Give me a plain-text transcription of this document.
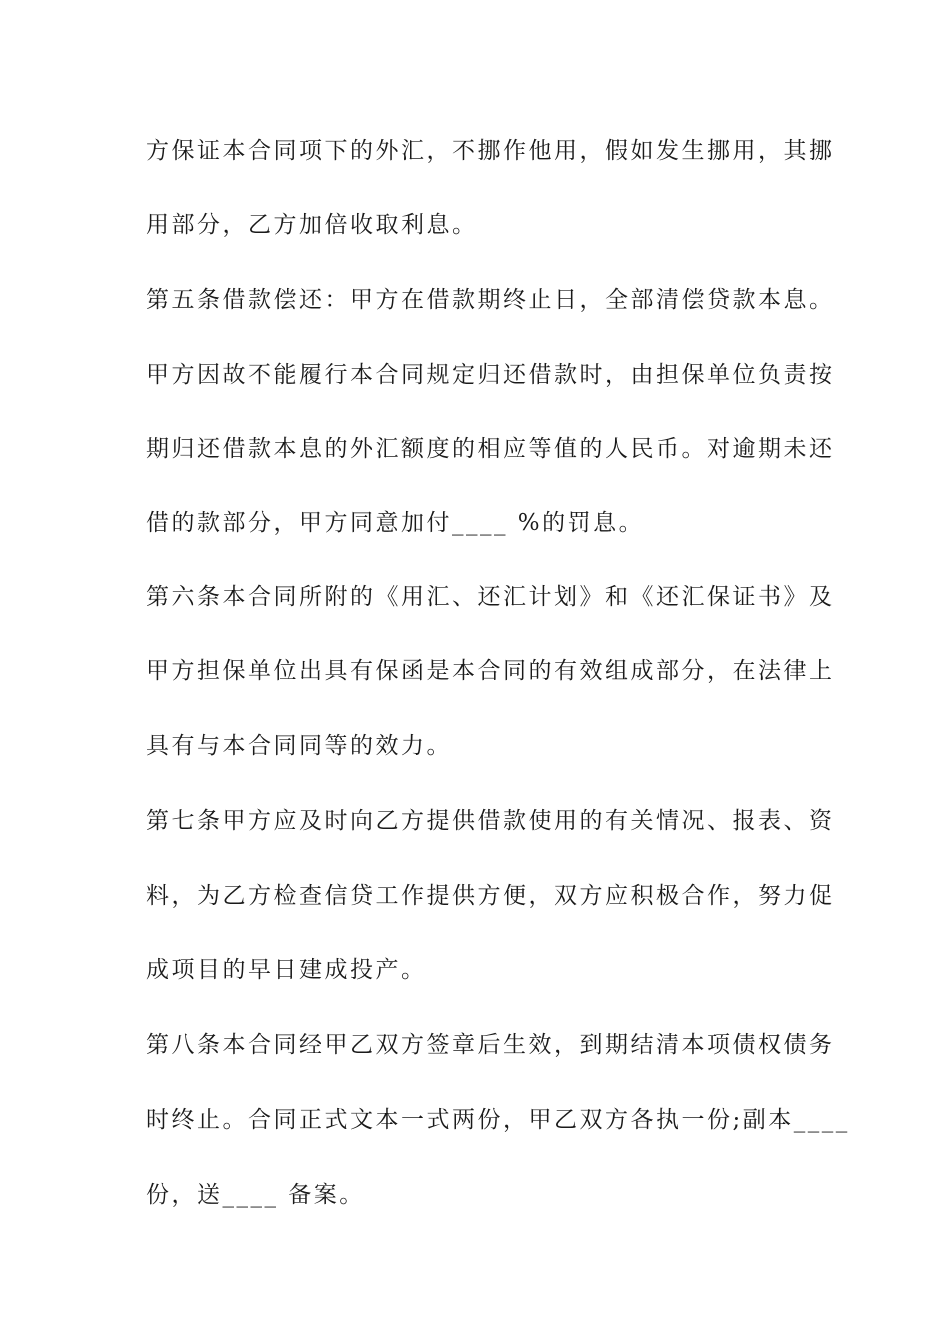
方保证本合同项下的外汇，不挪作他用，假如发生挪用，其挪
用部分，乙方加倍收取利息。
第五条借款偿还：甲方在借款期终止日，全部清偿贷款本息。
甲方因故不能履行本合同规定归还借款时，由担保单位负责按
期归还借款本息的外汇额度的相应等值的人民币。对逾期未还
借的款部分，甲方同意加付____ %的罚息。
第六条本合同所附的《用汇、还汇计划》和《还汇保证书》及
甲方担保单位出具有保函是本合同的有效组成部分，在法律上
具有与本合同同等的效力。
第七条甲方应及时向乙方提供借款使用的有关情况、报表、资
料，为乙方检查信贷工作提供方便，双方应积极合作，努力促
成项目的早日建成投产。
第八条本合同经甲乙双方签章后生效，到期结清本项债权债务
时终止。合同正式文本一式两份，甲乙双方各执一份;副本____
份，送____ 备案。
